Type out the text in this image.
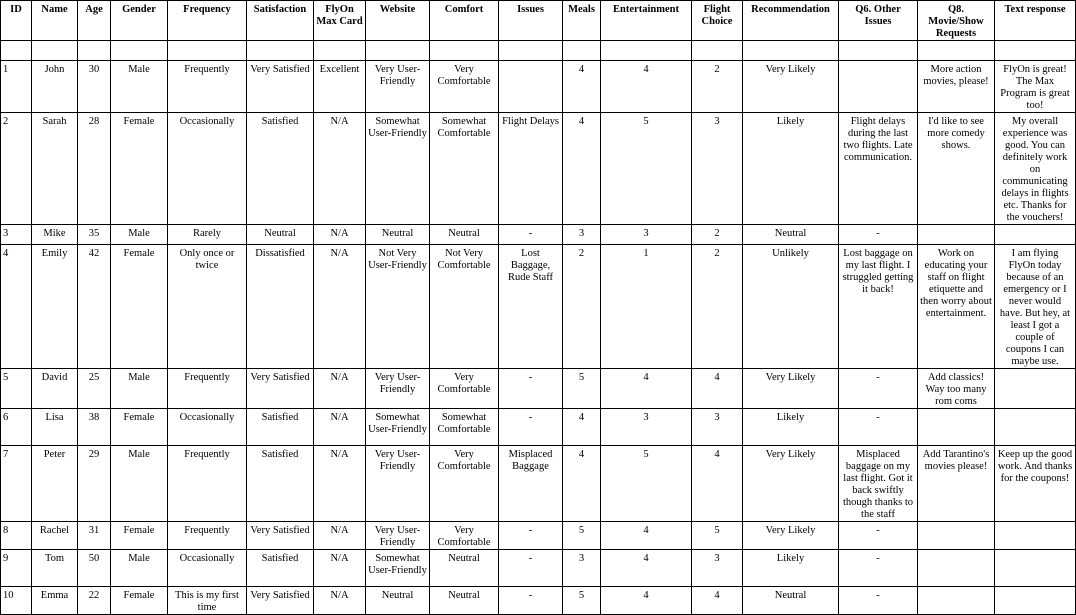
ID	Name	Age	Gender	Frequency	Satisfaction	FlyOn Max Card	Website	Comfort	Issues	Meals	Entertainment	Flight Choice	Recommendation	Q6. Other Issues	Q8. Movie/Show Requests	Text response

1	John	30	Male	Frequently	Very Satisfied	Excellent	Very User-Friendly	Very Comfortable		4	4	2	Very Likely		More action movies, please!	FlyOn is great! The Max Program is great too!
2	Sarah	28	Female	Occasionally	Satisfied	N/A	Somewhat User-Friendly	Somewhat Comfortable	Flight Delays	4	5	3	Likely	Flight delays during the last two flights. Late communication.	I'd like to see more comedy shows.	My overall experience was good. You can definitely work on communicating delays in flights etc. Thanks for the vouchers!
3	Mike	35	Male	Rarely	Neutral	N/A	Neutral	Neutral	-	3	3	2	Neutral	-		
4	Emily	42	Female	Only once or twice	Dissatisfied	N/A	Not Very User-Friendly	Not Very Comfortable	Lost Baggage, Rude Staff	2	1	2	Unlikely	Lost baggage on my last flight. I struggled getting it back!	Work on educating your staff on flight etiquette and then worry about entertainment.	I am flying FlyOn today because of an emergency or I never would have. But hey, at least I got a couple of coupons I can maybe use.
5	David	25	Male	Frequently	Very Satisfied	N/A	Very User-Friendly	Very Comfortable	-	5	4	4	Very Likely	-	Add classics! Way too many rom coms	
6	Lisa	38	Female	Occasionally	Satisfied	N/A	Somewhat User-Friendly	Somewhat Comfortable	-	4	3	3	Likely	-		
7	Peter	29	Male	Frequently	Satisfied	N/A	Very User-Friendly	Very Comfortable	Misplaced Baggage	4	5	4	Very Likely	Misplaced baggage on my last flight. Got it back swiftly though thanks to the staff	Add Tarantino's movies please!	Keep up the good work. And thanks for the coupons!
8	Rachel	31	Female	Frequently	Very Satisfied	N/A	Very User-Friendly	Very Comfortable	-	5	4	5	Very Likely	-		
9	Tom	50	Male	Occasionally	Satisfied	N/A	Somewhat User-Friendly	Neutral	-	3	4	3	Likely	-		
10	Emma	22	Female	This is my first time	Very Satisfied	N/A	Neutral	Neutral	-	5	4	4	Neutral	-		
